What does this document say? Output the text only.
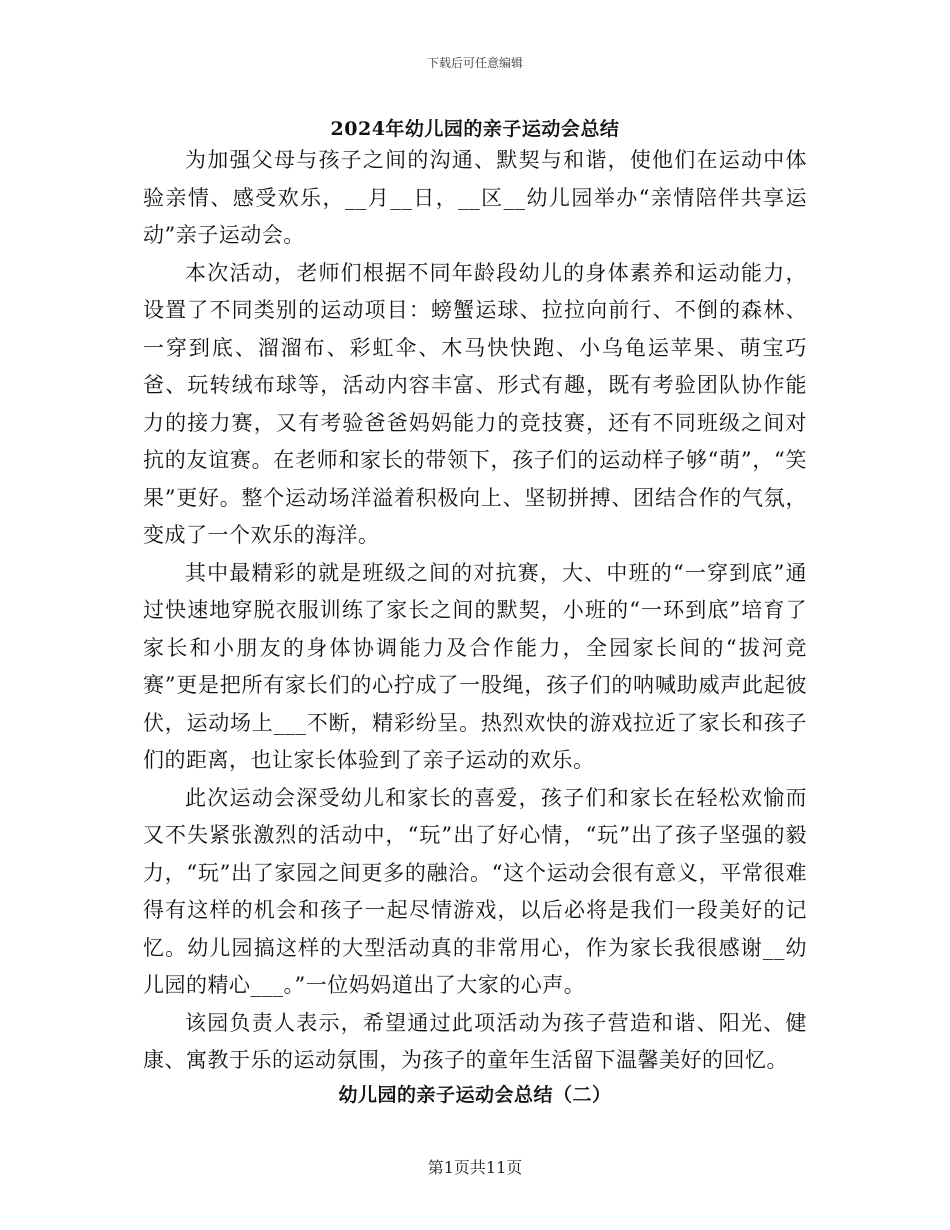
下载后可任意编辑
2024年幼儿园的亲子运动会总结

为加强父母与孩子之间的沟通、默契与和谐，使他们在运动中体验亲情、感受欢乐，__月__日，__区__幼儿园举办“亲情陪伴共享运动”亲子运动会。

本次活动，老师们根据不同年龄段幼儿的身体素养和运动能力，设置了不同类别的运动项目：螃蟹运球、拉拉向前行、不倒的森林、一穿到底、溜溜布、彩虹伞、木马快快跑、小乌龟运苹果、萌宝巧爸、玩转绒布球等，活动内容丰富、形式有趣，既有考验团队协作能力的接力赛，又有考验爸爸妈妈能力的竞技赛，还有不同班级之间对抗的友谊赛。在老师和家长的带领下，孩子们的运动样子够“萌”，“笑果”更好。整个运动场洋溢着积极向上、坚韧拼搏、团结合作的气氛，变成了一个欢乐的海洋。

其中最精彩的就是班级之间的对抗赛，大、中班的“一穿到底”通过快速地穿脱衣服训练了家长之间的默契，小班的“一环到底”培育了家长和小朋友的身体协调能力及合作能力，全园家长间的“拔河竞赛”更是把所有家长们的心拧成了一股绳，孩子们的呐喊助威声此起彼伏，运动场上___不断，精彩纷呈。热烈欢快的游戏拉近了家长和孩子们的距离，也让家长体验到了亲子运动的欢乐。

此次运动会深受幼儿和家长的喜爱，孩子们和家长在轻松欢愉而又不失紧张激烈的活动中，“玩”出了好心情，“玩”出了孩子坚强的毅力，“玩”出了家园之间更多的融洽。“这个运动会很有意义，平常很难得有这样的机会和孩子一起尽情游戏，以后必将是我们一段美好的记忆。幼儿园搞这样的大型活动真的非常用心，作为家长我很感谢__幼儿园的精心___。”一位妈妈道出了大家的心声。

该园负责人表示，希望通过此项活动为孩子营造和谐、阳光、健康、寓教于乐的运动氛围，为孩子的童年生活留下温馨美好的回忆。

幼儿园的亲子运动会总结（二）
第1页共11页
